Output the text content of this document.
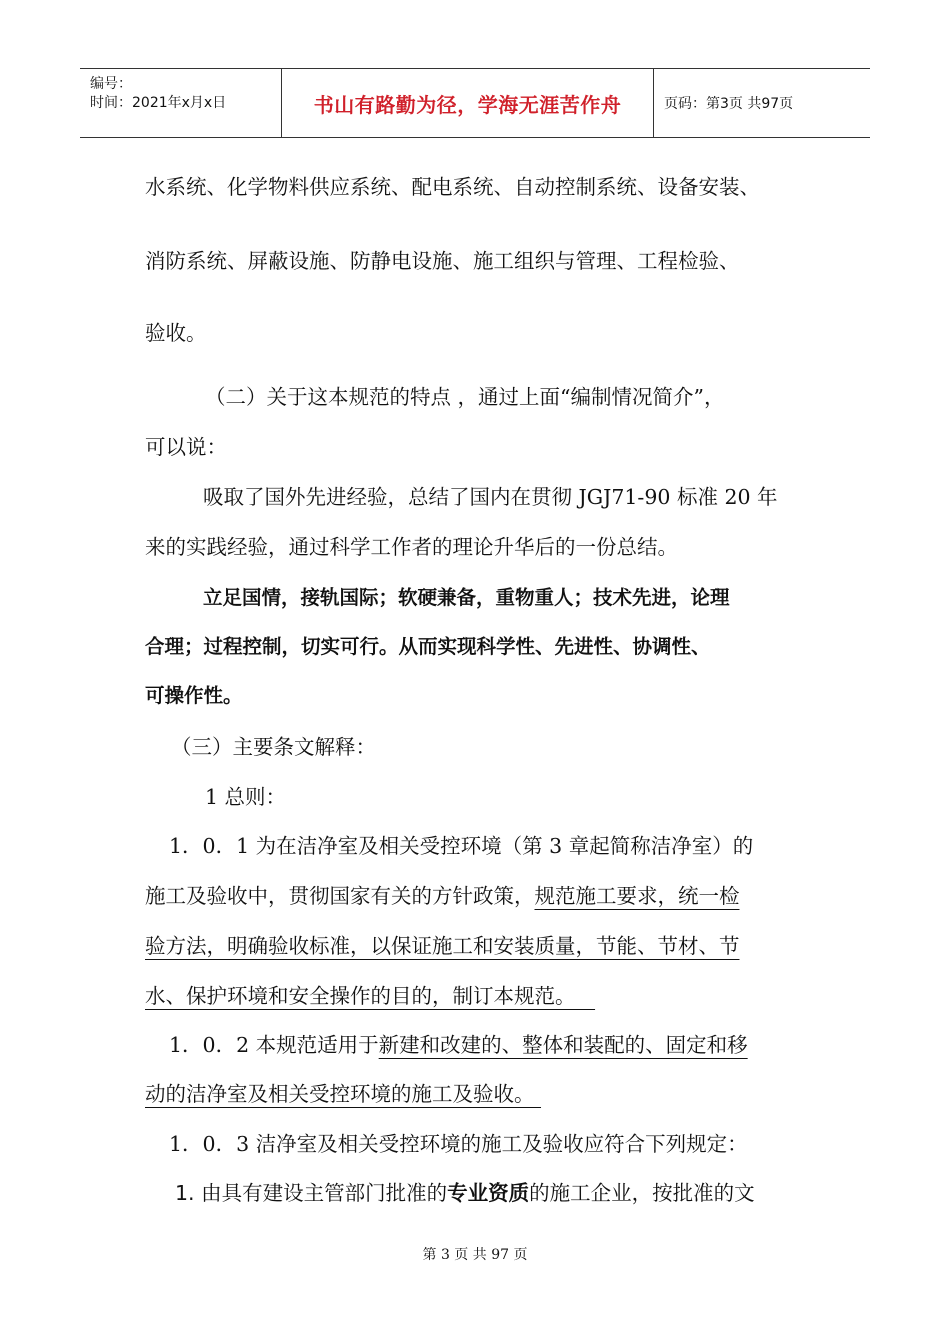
编号：
时间：2021年x月x日	书山有路勤为径，学海无涯苦作舟	页码：第3页 共97页
水系统、化学物料供应系统、配电系统、自动控制系统、设备安装、
消防系统、屏蔽设施、防静电设施、施工组织与管理、工程检验、
验收。
（二）关于这本规范的特点 ，通过上面“编制情况简介”，
可以说：
吸取了国外先进经验，总结了国内在贯彻 JGJ71-90 标准 20 年
来的实践经验，通过科学工作者的理论升华后的一份总结。
立足国情，接轨国际；软硬兼备，重物重人；技术先进，论理
合理；过程控制，切实可行。从而实现科学性、先进性、协调性、
可操作性。
（三）主要条文解释：
1 总则：
1．0．1 为在洁净室及相关受控环境（第 3 章起简称洁净室）的
施工及验收中，贯彻国家有关的方针政策，规范施工要求，统一检
验方法，明确验收标准，以保证施工和安装质量，节能、节材、节
水、保护环境和安全操作的目的，制订本规范。
1．0．2 本规范适用于新建和改建的、整体和装配的、固定和移
动的洁净室及相关受控环境的施工及验收。
1．0．3 洁净室及相关受控环境的施工及验收应符合下列规定：
1. 由具有建设主管部门批准的专业资质的施工企业，按批准的文
第 3 页 共 97 页
